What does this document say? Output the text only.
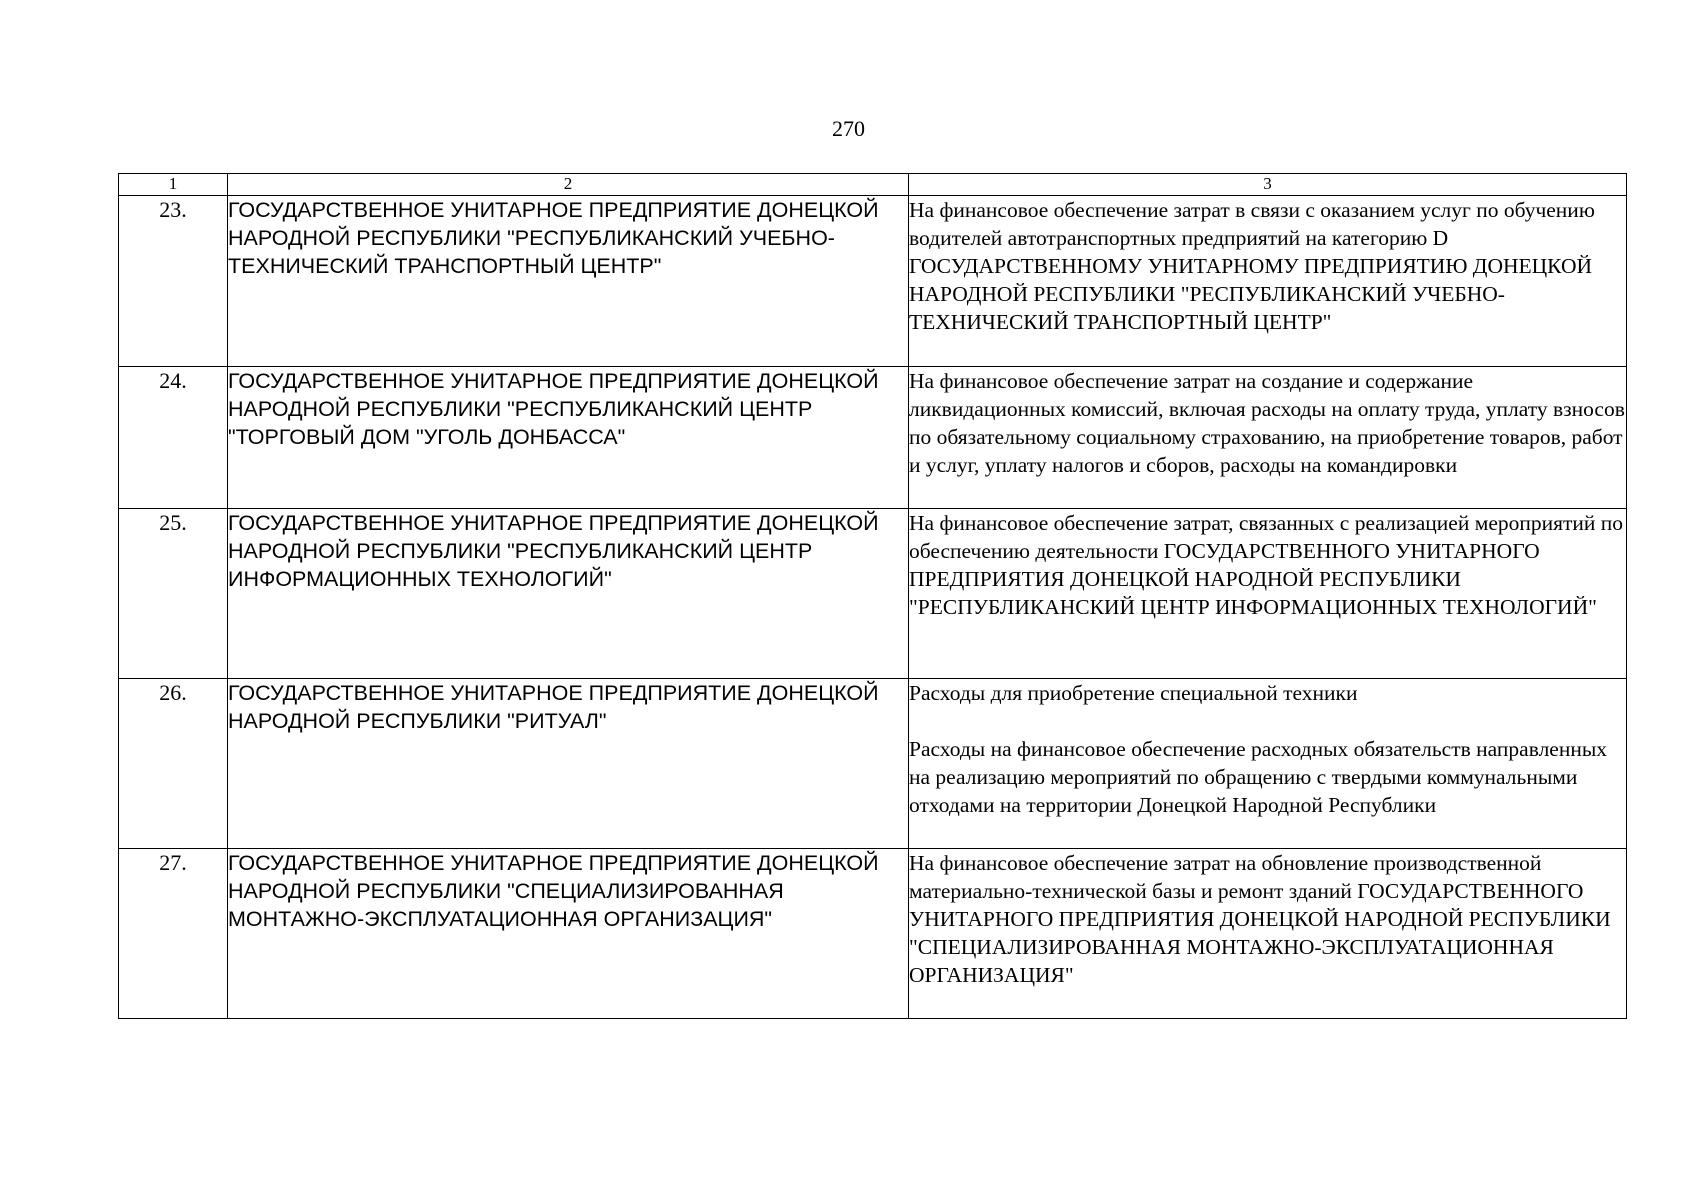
270
1	2	3
23.	ГОСУДАРСТВЕННОЕ УНИТАРНОЕ ПРЕДПРИЯТИЕ ДОНЕЦКОЙ НАРОДНОЙ РЕСПУБЛИКИ "РЕСПУБЛИКАНСКИЙ УЧЕБНО-ТЕХНИЧЕСКИЙ ТРАНСПОРТНЫЙ ЦЕНТР"	На финансовое обеспечение затрат в связи с оказанием услуг по обучению водителей автотранспортных предприятий на категорию D ГОСУДАРСТВЕННОМУ УНИТАРНОМУ ПРЕДПРИЯТИЮ ДОНЕЦКОЙ НАРОДНОЙ РЕСПУБЛИКИ "РЕСПУБЛИКАНСКИЙ УЧЕБНО-ТЕХНИЧЕСКИЙ ТРАНСПОРТНЫЙ ЦЕНТР"

24.	ГОСУДАРСТВЕННОЕ УНИТАРНОЕ ПРЕДПРИЯТИЕ ДОНЕЦКОЙ НАРОДНОЙ РЕСПУБЛИКИ "РЕСПУБЛИКАНСКИЙ ЦЕНТР "ТОРГОВЫЙ ДОМ "УГОЛЬ ДОНБАССА"	На финансовое обеспечение затрат на создание и содержание ликвидационных комиссий, включая расходы на оплату труда, уплату взносов по обязательному социальному страхованию, на приобретение товаров, работ и услуг, уплату налогов и сборов, расходы на командировки

25.	ГОСУДАРСТВЕННОЕ УНИТАРНОЕ ПРЕДПРИЯТИЕ ДОНЕЦКОЙ НАРОДНОЙ РЕСПУБЛИКИ "РЕСПУБЛИКАНСКИЙ ЦЕНТР ИНФОРМАЦИОННЫХ ТЕХНОЛОГИЙ"	На финансовое обеспечение затрат, связанных с реализацией мероприятий по обеспечению деятельности ГОСУДАРСТВЕННОГО УНИТАРНОГО ПРЕДПРИЯТИЯ ДОНЕЦКОЙ НАРОДНОЙ РЕСПУБЛИКИ "РЕСПУБЛИКАНСКИЙ ЦЕНТР ИНФОРМАЦИОННЫХ ТЕХНОЛОГИЙ"

26.	ГОСУДАРСТВЕННОЕ УНИТАРНОЕ ПРЕДПРИЯТИЕ ДОНЕЦКОЙ НАРОДНОЙ РЕСПУБЛИКИ "РИТУАЛ"	Расходы для приобретение специальной техники
Расходы на финансовое обеспечение расходных обязательств направленных на реализацию мероприятий по обращению с твердыми коммунальными отходами на территории Донецкой Народной Республики

27.	ГОСУДАРСТВЕННОЕ УНИТАРНОЕ ПРЕДПРИЯТИЕ ДОНЕЦКОЙ НАРОДНОЙ РЕСПУБЛИКИ "СПЕЦИАЛИЗИРОВАННАЯ МОНТАЖНО-ЭКСПЛУАТАЦИОННАЯ ОРГАНИЗАЦИЯ"	На финансовое обеспечение затрат на обновление производственной материально-технической базы и ремонт зданий ГОСУДАРСТВЕННОГО УНИТАРНОГО ПРЕДПРИЯТИЯ ДОНЕЦКОЙ НАРОДНОЙ РЕСПУБЛИКИ "СПЕЦИАЛИЗИРОВАННАЯ МОНТАЖНО-ЭКСПЛУАТАЦИОННАЯ ОРГАНИЗАЦИЯ"
